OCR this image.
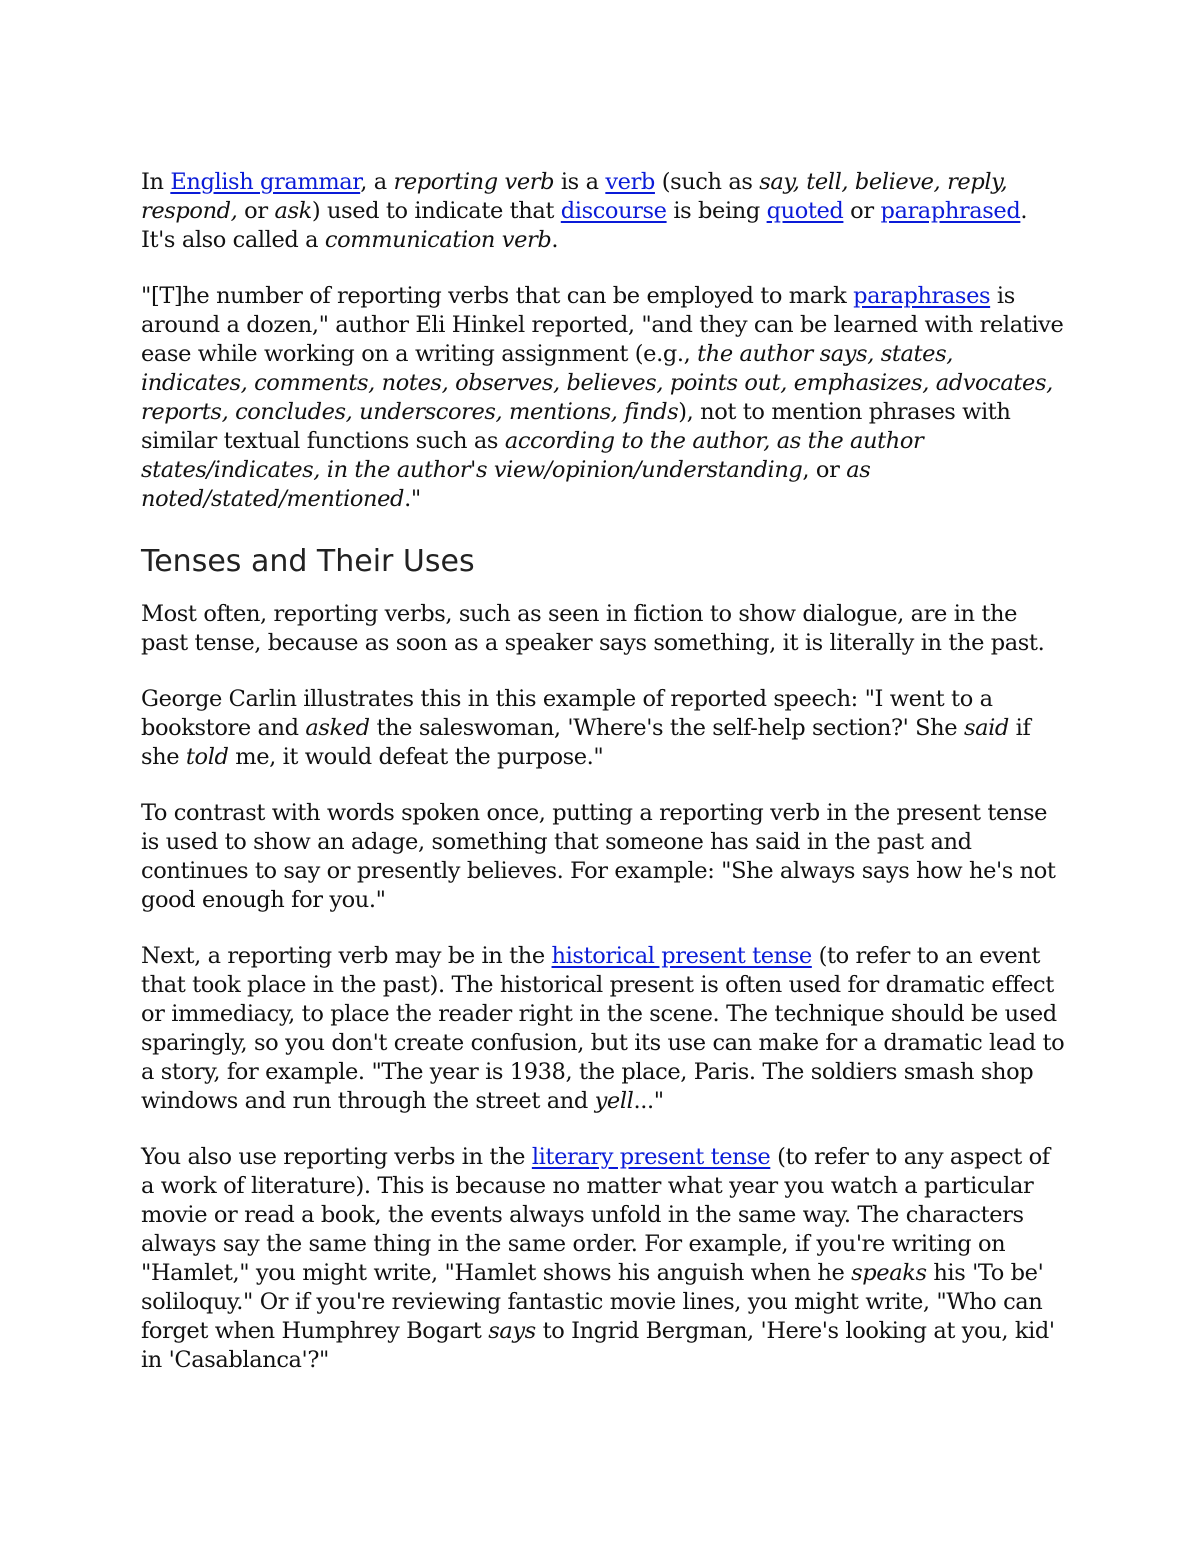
In English grammar, a reporting verb is a verb (such as say, tell, believe, reply, respond, or ask) used to indicate that discourse is being quoted or paraphrased. It's also called a communication verb.

"[T]he number of reporting verbs that can be employed to mark paraphrases is around a dozen," author Eli Hinkel reported, "and they can be learned with relative ease while working on a writing assignment (e.g., the author says, states, indicates, comments, notes, observes, believes, points out, emphasizes, advocates, reports, concludes, underscores, mentions, finds), not to mention phrases with similar textual functions such as according to the author, as the author states/indicates, in the author's view/opinion/understanding, or as noted/stated/mentioned."

Tenses and Their Uses

Most often, reporting verbs, such as seen in fiction to show dialogue, are in the past tense, because as soon as a speaker says something, it is literally in the past.

George Carlin illustrates this in this example of reported speech: "I went to a bookstore and asked the saleswoman, 'Where's the self-help section?' She said if she told me, it would defeat the purpose."

To contrast with words spoken once, putting a reporting verb in the present tense is used to show an adage, something that someone has said in the past and continues to say or presently believes. For example: "She always says how he's not good enough for you."

Next, a reporting verb may be in the historical present tense (to refer to an event that took place in the past). The historical present is often used for dramatic effect or immediacy, to place the reader right in the scene. The technique should be used sparingly, so you don't create confusion, but its use can make for a dramatic lead to a story, for example. "The year is 1938, the place, Paris. The soldiers smash shop windows and run through the street and yell..."

You also use reporting verbs in the literary present tense (to refer to any aspect of a work of literature). This is because no matter what year you watch a particular movie or read a book, the events always unfold in the same way. The characters always say the same thing in the same order. For example, if you're writing on "Hamlet," you might write, "Hamlet shows his anguish when he speaks his 'To be' soliloquy." Or if you're reviewing fantastic movie lines, you might write, "Who can forget when Humphrey Bogart says to Ingrid Bergman, 'Here's looking at you, kid' in 'Casablanca'?"
